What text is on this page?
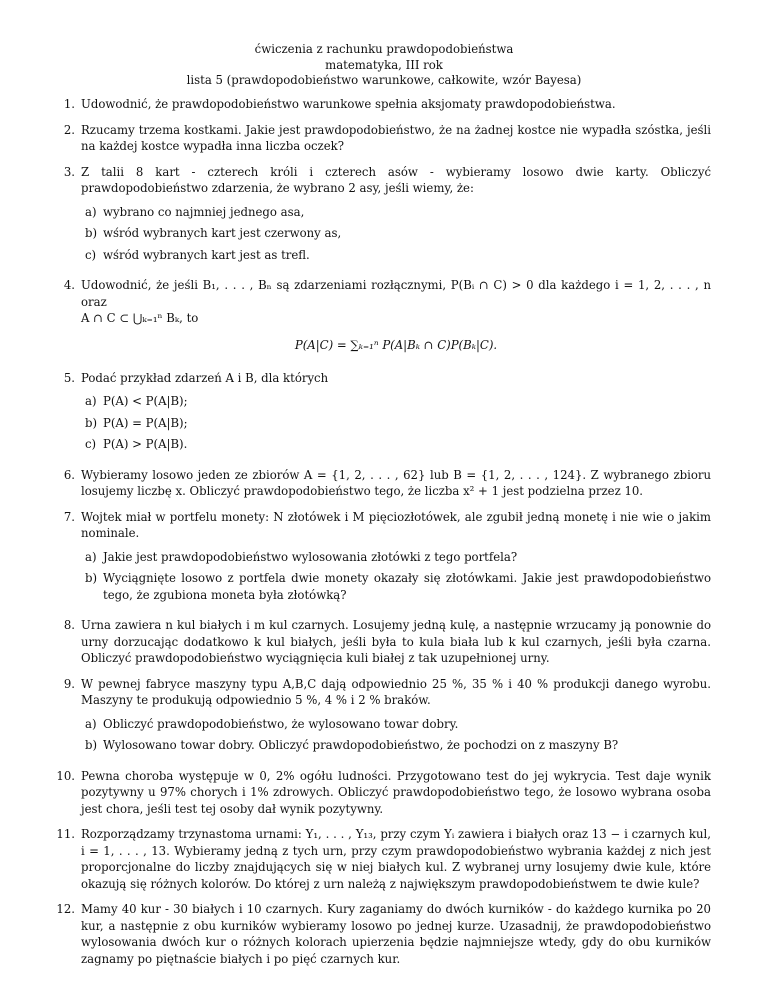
ćwiczenia z rachunku prawdopodobieństwa
matematyka, III rok
lista 5 (prawdopodobieństwo warunkowe, całkowite, wzór Bayesa)
1. Udowodnić, że prawdopodobieństwo warunkowe spełnia aksjomaty prawdopodobieństwa.
2. Rzucamy trzema kostkami. Jakie jest prawdopodobieństwo, że na żadnej kostce nie wypadła szóstka, jeśli na każdej kostce wypadła inna liczba oczek?
3. Z talii 8 kart - czterech króli i czterech asów - wybieramy losowo dwie karty. Obliczyć prawdopodobieństwo zdarzenia, że wybrano 2 asy, jeśli wiemy, że:
a) wybrano co najmniej jednego asa,
b) wśród wybranych kart jest czerwony as,
c) wśród wybranych kart jest as trefl.
4. Udowodnić, że jeśli B₁, . . . , Bₙ są zdarzeniami rozłącznymi, P(Bᵢ ∩ C) > 0 dla każdego i = 1, 2, . . . , n oraz
A ∩ C ⊂ ⋃ₖ₌₁ⁿ Bₖ, to
P(A|C) = ∑ₖ₌₁ⁿ P(A|Bₖ ∩ C)P(Bₖ|C).
5. Podać przykład zdarzeń A i B, dla których
a) P(A) < P(A|B);
b) P(A) = P(A|B);
c) P(A) > P(A|B).
6. Wybieramy losowo jeden ze zbiorów A = {1, 2, . . . , 62} lub B = {1, 2, . . . , 124}. Z wybranego zbioru losujemy liczbę x. Obliczyć prawdopodobieństwo tego, że liczba x² + 1 jest podzielna przez 10.
7. Wojtek miał w portfelu monety: N złotówek i M pięciozłotówek, ale zgubił jedną monetę i nie wie o jakim nominale.
a) Jakie jest prawdopodobieństwo wylosowania złotówki z tego portfela?
b) Wyciągnięte losowo z portfela dwie monety okazały się złotówkami. Jakie jest prawdopodobieństwo tego, że zgubiona moneta była złotówką?
8. Urna zawiera n kul białych i m kul czarnych. Losujemy jedną kulę, a następnie wrzucamy ją ponownie do urny dorzucając dodatkowo k kul białych, jeśli była to kula biała lub k kul czarnych, jeśli była czarna. Obliczyć prawdopodobieństwo wyciągnięcia kuli białej z tak uzupełnionej urny.
9. W pewnej fabryce maszyny typu A,B,C dają odpowiednio 25 %, 35 % i 40 % produkcji danego wyrobu. Maszyny te produkują odpowiednio 5 %, 4 % i 2 % braków.
a) Obliczyć prawdopodobieństwo, że wylosowano towar dobry.
b) Wylosowano towar dobry. Obliczyć prawdopodobieństwo, że pochodzi on z maszyny B?
10. Pewna choroba występuje w 0, 2% ogółu ludności. Przygotowano test do jej wykrycia. Test daje wynik pozytywny u 97% chorych i 1% zdrowych. Obliczyć prawdopodobieństwo tego, że losowo wybrana osoba jest chora, jeśli test tej osoby dał wynik pozytywny.
11. Rozporządzamy trzynastoma urnami: Y₁, . . . , Y₁₃, przy czym Yᵢ zawiera i białych oraz 13 − i czarnych kul, i = 1, . . . , 13. Wybieramy jedną z tych urn, przy czym prawdopodobieństwo wybrania każdej z nich jest proporcjonalne do liczby znajdujących się w niej białych kul. Z wybranej urny losujemy dwie kule, które okazują się różnych kolorów. Do której z urn należą z największym prawdopodobieństwem te dwie kule?
12. Mamy 40 kur - 30 białych i 10 czarnych. Kury zaganiamy do dwóch kurników - do każdego kurnika po 20 kur, a następnie z obu kurników wybieramy losowo po jednej kurze. Uzasadnij, że prawdopodobieństwo wylosowania dwóch kur o różnych kolorach upierzenia będzie najmniejsze wtedy, gdy do obu kurników zagnamy po piętnaście białych i po pięć czarnych kur.
